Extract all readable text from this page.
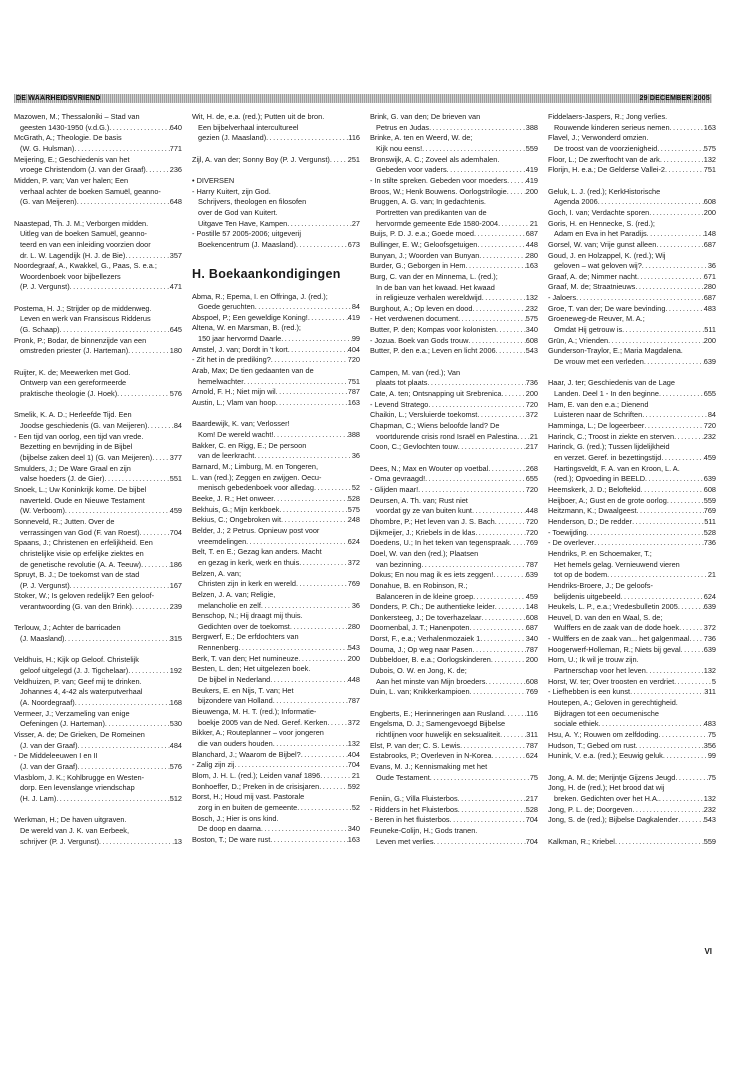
DE WAARHEIDSVRIEND	29 DECEMBER 2005
Mazowen, M.; Thessaloniki – Stad van
geesten 1430-1950 (v.d.G.) . . .	640
McGrath, A.; Theologie. De basis
(W. G. Hulsman) . . .	771
Meijering, E.; Geschiedenis van het
vroege Christendom (J. van der Graaf) . . .	236
Midden, P. van; Van ver halen; Een
verhaal achter de boeken Samuël, geanno-
(G. van Meijeren) . . .	648
Naastepad, Th. J. M.; Verborgen midden.
Uitleg van de boeken Samuël, geanno-
teerd en van een inleiding voorzien door
dr. L. W. Lagendijk (H. J. de Bie) . . .	357
Noordegraaf, A., Kwakkel, G., Paas, S. e.a.;
Woordenboek voor bijbellezers
(P. J. Vergunst) . . .	471
Postema, H. J.; Strijder op de middenweg.
Leven en werk van Fransiscus Ridderus
(G. Schaap) . . .	645
Pronk, P.; Bodar, de binnenzijde van een
omstreden priester (J. Harteman) . . .	180
Ruijter, K. de; Meewerken met God.
Ontwerp van een gereformeerde
praktische theologie (J. Hoek) . . .	576
Smelik, K. A. D.; Herleefde Tijd. Een
Joodse geschiedenis (G. van Meijeren) . . .	84
- Een tijd van oorlog, een tijd van vrede.
Bezetting en bevrijding in de Bijbel
(bijbelse zaken deel 1) (G. van Meijeren) . . . 377
Smulders, J.; De Ware Graal en zijn
valse hoeders (J. de Gier) . . .	551
Snoek, L.; Uw Koninkrijk kome. De bijbel
naverteld. Oude en Nieuwe Testament
(W. Verboom) . . .	459
Sonneveld, R.; Jutten. Over de
verrassingen van God (F. van Roest) . . .	704
Spaans, J.; Christenen en erfelijkheid. Een
christelijke visie op erfelijke ziektes en
de genetische revolutie (A. A. Teeuw) . . .	186
Spruyt, B. J.; De toekomst van de stad
(P. J. Vergunst) . . .	167
Stoker, W.; Is geloven redelijk? Een geloof-
verantwoording (G. van den Brink) . . .	239
Terlouw, J.; Achter de barricaden
(J. Maasland) . . .	315
Veldhuis, H.; Kijk op Geloof. Christelijk
geloof uitgelegd (J. J. Tigchelaar) . . .	192
Veldhuizen, P. van; Geef mij te drinken.
Johannes 4, 4-42 als waterputverhaal
(A. Noordegraaf) . . .	168
Vermeer, J.; Verzameling van enige
Oefeningen (J. Harteman) . . .	530
Visser, A. de; De Grieken, De Romeinen
(J. van der Graaf) . . .	484
- De Middeleeuwen I en II
(J. van der Graaf) . . .	576
Vlasblom, J. K.; Kohlbrugge en Westen-
dorp. Een levenslange vriendschap
(H. J. Lam) . . .	512
Werkman, H.; De haven uitgraven.
De wereld van J. K. van Eerbeek,
schrijver (P. J. Vergunst) . . .	13
Wit, H. de, e.a. (red.); Putten uit de bron.
Een bijbelverhaal intercultureel
gezien (J. Maasland) . . .	116
Zijl, A. van der; Sonny Boy (P. J. Vergunst) . . . 251
• DIVERSEN
- Harry Kuitert, zijn God.
Schrijvers, theologen en filosofen
over de God van Kuitert.
Uitgave Ten Have, Kampen . . .	27
- Postille 57 2005-2006; uitgeverij
Boekencentrum (J. Maasland) . . .	673
H. Boekaankondigingen
Abma, R.; Epema, I. en Offringa, J. (red.);
Goede geruchten . . .	84
Abspoel, P.; Een geweldige Koning! . . .	419
Altena, W. en Marsman, B. (red.);
150 jaar hervormd Daarle . . .	99
Amstel, J. van; Dordt in 't kort . . .	404
- Zit het in de prediking? . . .	720
Arab, Max; De tien gedaanten van de
hemelwachter . . .	751
Arnold, F. H.; Niet mijn wil . . .	787
Austin, L.; Vlam van hoop . . .	163
Baardewijk, K. van; Verlosser!
Kom! De wereld wacht! . . .	388
Bakker, C. en Rigg, E.; De persoon
van de leerkracht . . .	36
Barnard, M.; Limburg, M. en Tongeren,
L. van (red.); Zeggen en zwijgen. Oecu-
menisch gebedenboek voor alledag . . .	52
Beeke, J. R.; Het onweer . . .	528
Bekhuis, G.; Mijn kerkboek . . .	575
Bekius, C.; Ongebroken wit . . .	248
Belder, J.; 2 Petrus. Opnieuw post voor
vreemdelingen . . .	624
Belt, T. en E.; Gezag kan anders. Macht
en gezag in kerk, werk en thuis . . .	372
Belzen, A. van;
Christen zijn in kerk en wereld . . .	769
Belzen, J. A. van; Religie,
melancholie en zelf . . .	36
Benschop, N.; Hij draagt mij thuis.
Gedichten over de toekomst . . .	280
Bergwerf, E.; De erfdochters van
Rennenberg . . .	543
Berk, T. van den; Het numineuze . . .	200
Besten, L. den; Het uitgelezen boek.
De bijbel in Nederland . . .	448
Beukers, E. en Nijs, T. van; Het
bijzondere van Holland . . .	787
Bieuwenga, M. H. T. (red.); Informatie-
boekje 2005 van de Ned. Geref. Kerken . . .	372
Bikker, A.; Routeplanner – voor jongeren
die van ouders houden . . .	132
Blanchard, J.; Waarom de Bijbel? . . .	404
- Zalig zijn zij . . .	704
Blom, J. H. L. (red.); Leiden vanaf 1896 . . .	21
Bonhoeffer, D.; Preken in de crisisjaren . . .	592
Borst, H.; Houd mij vast. Pastorale
zorg in en buiten de gemeente . . .	52
Bosch, J.; Hier is ons kind.
De doop en daarna . . .	340
Boston, T.; De ware rust . . .	163
Brink, G. van den; De brieven van
Petrus en Judas . . .	388
Brinke, A. ten en Weerd, W. de;
Kijk nou eens! . . .	559
Bronswijk, A. C.; Zoveel als ademhalen.
Gebeden voor vaders . . .	419
- In stilte spreken. Gebeden voor moeders . . .	419
Broos, W.; Henk Bouwens. Oorlogstrilogie . . .	200
Bruggen, A. G. van; In gedachtenis.
Portretten van predikanten van de
hervormde gemeente Ede 1580-2004 . . .	21
Buijs, P. D. J. e.a.; Goede moed . . .	687
Bullinger, E. W.; Geloofsgetuigen . . .	448
Bunyan, J.; Woorden van Bunyan . . .	280
Burder, G.; Geborgen in Hem . . .	163
Burg, C. van der en Minnema, L. (red.);
In de ban van het kwaad. Het kwaad
in religieuze verhalen wereldwijd . . .	132
Burghout, A.; Op leven en dood . . .	232
- Het verdwenen document . . .	575
Butter, P. den; Kompas voor kolonisten . . .	340
- Jozua. Boek van Gods trouw . . .	608
Butter, P. den e.a.; Leven en licht 2006 . . .	543
Campen, M. van (red.); Van
plaats tot plaats . . .	736
Cate, A. ten; Ontsnapping uit Srebrenica . . .	200
- Levend Stratego . . .	720
Chaikin, L.; Versluierde toekomst . . .	372
Chapman, C.; Wiens beloofde land? De
voortdurende crisis rond Israël en Palestina . . . 21
Coon, C.; Gevlochten touw . . .	217
Dees, N.; Max en Wouter op voetbal . . .	268
- Oma gevraagd! . . .	655
- Glijden maar! . . .	720
Deursen, A. Th. van; Rust niet
voordat gy ze van buiten kunt . . .	448
Dhombre, P.; Het leven van J. S. Bach . . .	720
Dijkmeijer, J.; Kriebels in de klas . . .	720
Doedens, U.; In het teken van tegenspraak . . . 769
Doel, W. van den (red.); Plaatsen
van bezinning . . .	787
Dokus; En nou mag ik es iets zeggen! . . .	639
Donahue, B. en Robinson, R.;
Balanceren in de kleine groep . . .	459
Donders, P. Ch.; De authentieke leider . . .	148
Donkersteeg, J.; De toverhazelaar . . .	608
Doornenbal, J. T.; Hanenpoten . . .	687
Dorst, F., e.a.; Verhalenmozaiek 1 . . .	340
Douma, J.; Op weg naar Pasen . . .	787
Dubbeldoer, B. e.a.; Oorlogskinderen . . .	200
Dubois, O. W. en Jong, K. de;
Aan het minste van Mijn broeders . . .	608
Duin, L. van; Knikkerkampioen . . .	769
Engberts, E.; Herinneringen aan Rusland . . .	116
Engelsma, D. J.; Samengevoegd Bijbelse
richtlijnen voor huwelijk en seksualiteit . . .	311
Elst, P. van der; C. S. Lewis . . .	787
Estabrooks, P.; Overleven in N-Korea . . .	624
Evans, M. J.; Kennismaking met het
Oude Testament . . .	75
Feniin, G.; Villa Fluisterbos . . .	217
- Ridders in het Fluisterbos . . .	528
- Beren in het fluisterbos . . .	704
Feuneke-Colijn, H.; Gods tranen.
Leven met verlies . . .	704
Fiddelaers-Jaspers, R.; Jong verlies.
Rouwende kinderen serieus nemen . . .	163
Flavel, J.; Verwonderd omzien.
De troost van de voorzienigheid . . .	575
Floor, L.; De zwerftocht van de ark . . .	132
Florijn, H. e.a.; De Gelderse Vallei-2 . . .	751
Geluk, L. J. (red.); KerkHistorische
Agenda 2006 . . .	608
Goch, I. van; Verdachte sporen . . .	200
Goris, H. en Hennecke, S. (red.);
Adam en Eva in het Paradijs . . .	148
Gorsel, W. van; Vrije gunst alleen . . .	687
Goud, J. en Holzappel, K. (red.); Wij
geloven – wat geloven wij? . . .	36
Graaf, A. de; Nimmer nacht . . .	671
Graaf, M. de; Straatnieuws . . .	280
- Jaloers . . .	687
Groe, T. van der; De ware bevinding . . .	483
Groeneweg-de Reuver, M. A.;
Omdat Hij getrouw is . . .	511
Grün, A.; Vrienden . . .	200
Gunderson-Traylor, E.; Maria Magdalena.
De vrouw met een verleden . . .	639
Haar, J. ter; Geschiedenis van de Lage
Landen. Deel 1 - In den beginne . . .	655
Ham, E. van den e.a.; Dienend
Luisteren naar de Schriften . . .	84
Hamminga, L.; De logeerbeer . . .	720
Harinck, C.; Troost in ziekte en sterven . . .	232
Harinck, G. (red.); Tussen lijdelijkheid
en verzet. Geref. in bezettingstijd . . .	459
Hartingsveldt, F. A. van en Kroon, L. A.
(red.); Opvoeding in BEELD . . .	639
Heemskerk, J. D.; Beloftekid . . .	608
Heijboer, A.; Gust en de grote oorlog . . .	559
Heitzmann, K.; Dwaalgeest . . .	769
Henderson, D.; De redder . . .	511
- Toewijding . . .	528
- De overlever . . .	736
Hendriks, P. en Schoemaker, T.;
Het hemels gelag. Vernieuwend vieren
tot op de bodem . . .	21
Hendriks-Broere, J.; De geloofs-
belijdenis uitgebeeld . . .	624
Heukels, L. P., e.a.; Vredesbulletin 2005 . . .	639
Heuvel, D. van den en Waal, S. de;
Wulffers en de zaak van de dode hoek . . .	372
- Wulffers en de zaak van... het galgenmaal . . . 736
Hoogerwerf-Holleman, R.; Niets bij geval . . .	639
Horn, U.; Ik wil je trouw zijn.
Partnerschap voor het leven . . .	132
Horst, W. ter; Over troosten en verdriet . . .	5
- Liefhebben is een kunst . . .	311
Houtepen, A.; Geloven in gerechtigheid.
Bijdragen tot een oecumenische
sociale ethiek . . .	483
Hsu, A. Y.; Rouwen om zelfdoding . . .	75
Hudson, T.; Gebed om rust . . .	356
Hunink, V. e.a. (red.); Eeuwig geluk . . .	99
Jong, A. M. de; Merijntje Gijzens Jeugd . . .	75
Jong, H. de (red.); Het brood dat wij
breken. Gedichten over het H.A. . . .	132
Jong, P. L. de; Doorgeven . . .	232
Jong, S. de (red.); Bijbelse Dagkalender . . .	543
Kalkman, R.; Kriebel . . .	559
VI
